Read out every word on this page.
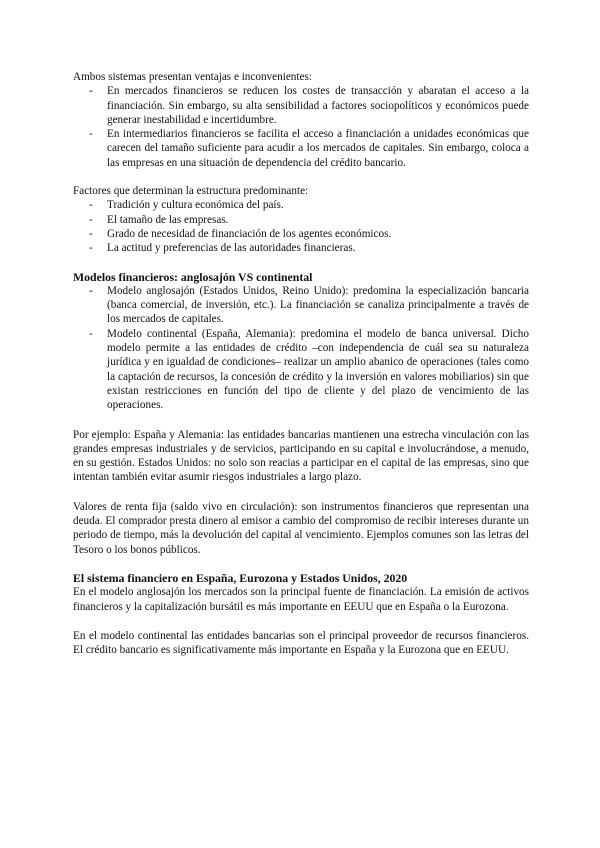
Ambos sistemas presentan ventajas e inconvenientes:

- En mercados financieros se reducen los costes de transacción y abaratan el acceso a la financiación. Sin embargo, su alta sensibilidad a factores sociopolíticos y económicos puede generar inestabilidad e incertidumbre.
- En intermediarios financieros se facilita el acceso a financiación a unidades económicas que carecen del tamaño suficiente para acudir a los mercados de capitales. Sin embargo, coloca a las empresas en una situación de dependencia del crédito bancario.

Factores que determinan la estructura predominante:

- Tradición y cultura económica del país.
- El tamaño de las empresas.
- Grado de necesidad de financiación de los agentes económicos.
- La actitud y preferencias de las autoridades financieras.

Modelos financieros: anglosajón VS continental

- Modelo anglosajón (Estados Unidos, Reino Unido): predomina la especialización bancaria (banca comercial, de inversión, etc.). La financiación se canaliza principalmente a través de los mercados de capitales.
- Modelo continental (España, Alemania): predomina el modelo de banca universal. Dicho modelo permite a las entidades de crédito –con independencia de cuál sea su naturaleza jurídica y en igualdad de condiciones– realizar un amplio abanico de operaciones (tales como la captación de recursos, la concesión de crédito y la inversión en valores mobiliarios) sin que existan restricciones en función del tipo de cliente y del plazo de vencimiento de las operaciones.

Por ejemplo: España y Alemania: las entidades bancarias mantienen una estrecha vinculación con las grandes empresas industriales y de servicios, participando en su capital e involucrándose, a menudo, en su gestión. Estados Unidos: no solo son reacias a participar en el capital de las empresas, sino que intentan también evitar asumir riesgos industriales a largo plazo.

Valores de renta fija (saldo vivo en circulación): son instrumentos financieros que representan una deuda. El comprador presta dinero al emisor a cambio del compromiso de recibir intereses durante un periodo de tiempo, más la devolución del capital al vencimiento. Ejemplos comunes son las letras del Tesoro o los bonos públicos.

El sistema financiero en España, Eurozona y Estados Unidos, 2020

En el modelo anglosajón los mercados son la principal fuente de financiación. La emisión de activos financieros y la capitalización bursátil es más importante en EEUU que en España o la Eurozona.

En el modelo continental las entidades bancarias son el principal proveedor de recursos financieros. El crédito bancario es significativamente más importante en España y la Eurozona que en EEUU.
